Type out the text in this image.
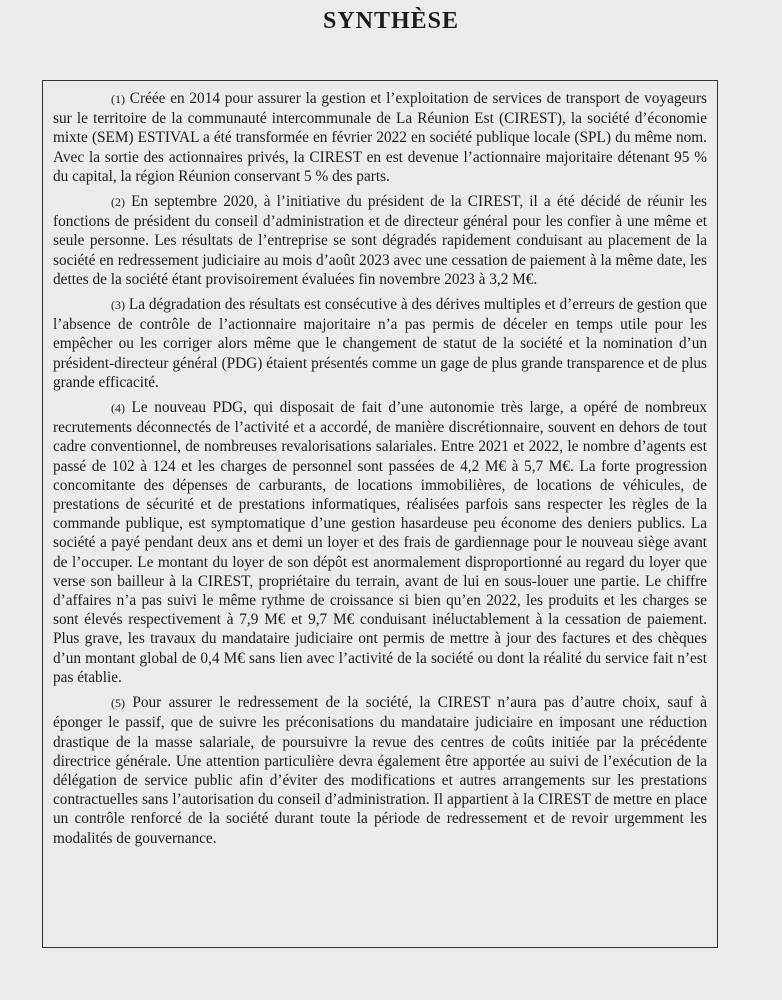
SYNTHÈSE

(1) Créée en 2014 pour assurer la gestion et l’exploitation de services de transport de voyageurs sur le territoire de la communauté intercommunale de La Réunion Est (CIREST), la société d’économie mixte (SEM) ESTIVAL a été transformée en février 2022 en société publique locale (SPL) du même nom. Avec la sortie des actionnaires privés, la CIREST en est devenue l’actionnaire majoritaire détenant 95 % du capital, la région Réunion conservant 5 % des parts.

(2) En septembre 2020, à l’initiative du président de la CIREST, il a été décidé de réunir les fonctions de président du conseil d’administration et de directeur général pour les confier à une même et seule personne. Les résultats de l’entreprise se sont dégradés rapidement conduisant au placement de la société en redressement judiciaire au mois d’août 2023 avec une cessation de paiement à la même date, les dettes de la société étant provisoirement évaluées fin novembre 2023 à 3,2 M€.

(3) La dégradation des résultats est consécutive à des dérives multiples et d’erreurs de gestion que l’absence de contrôle de l’actionnaire majoritaire n’a pas permis de déceler en temps utile pour les empêcher ou les corriger alors même que le changement de statut de la société et la nomination d’un président-directeur général (PDG) étaient présentés comme un gage de plus grande transparence et de plus grande efficacité.

(4) Le nouveau PDG, qui disposait de fait d’une autonomie très large, a opéré de nombreux recrutements déconnectés de l’activité et a accordé, de manière discrétionnaire, souvent en dehors de tout cadre conventionnel, de nombreuses revalorisations salariales. Entre 2021 et 2022, le nombre d’agents est passé de 102 à 124 et les charges de personnel sont passées de 4,2 M€ à 5,7 M€. La forte progression concomitante des dépenses de carburants, de locations immobilières, de locations de véhicules, de prestations de sécurité et de prestations informatiques, réalisées parfois sans respecter les règles de la commande publique, est symptomatique d’une gestion hasardeuse peu économe des deniers publics. La société a payé pendant deux ans et demi un loyer et des frais de gardiennage pour le nouveau siège avant de l’occuper. Le montant du loyer de son dépôt est anormalement disproportionné au regard du loyer que verse son bailleur à la CIREST, propriétaire du terrain, avant de lui en sous-louer une partie. Le chiffre d’affaires n’a pas suivi le même rythme de croissance si bien qu’en 2022, les produits et les charges se sont élevés respectivement à 7,9 M€ et 9,7 M€ conduisant inéluctablement à la cessation de paiement. Plus grave, les travaux du mandataire judiciaire ont permis de mettre à jour des factures et des chèques d’un montant global de 0,4 M€ sans lien avec l’activité de la société ou dont la réalité du service fait n’est pas établie.

(5) Pour assurer le redressement de la société, la CIREST n’aura pas d’autre choix, sauf à éponger le passif, que de suivre les préconisations du mandataire judiciaire en imposant une réduction drastique de la masse salariale, de poursuivre la revue des centres de coûts initiée par la précédente directrice générale. Une attention particulière devra également être apportée au suivi de l’exécution de la délégation de service public afin d’éviter des modifications et autres arrangements sur les prestations contractuelles sans l’autorisation du conseil d’administration. Il appartient à la CIREST de mettre en place un contrôle renforcé de la société durant toute la période de redressement et de revoir urgemment les modalités de gouvernance.
